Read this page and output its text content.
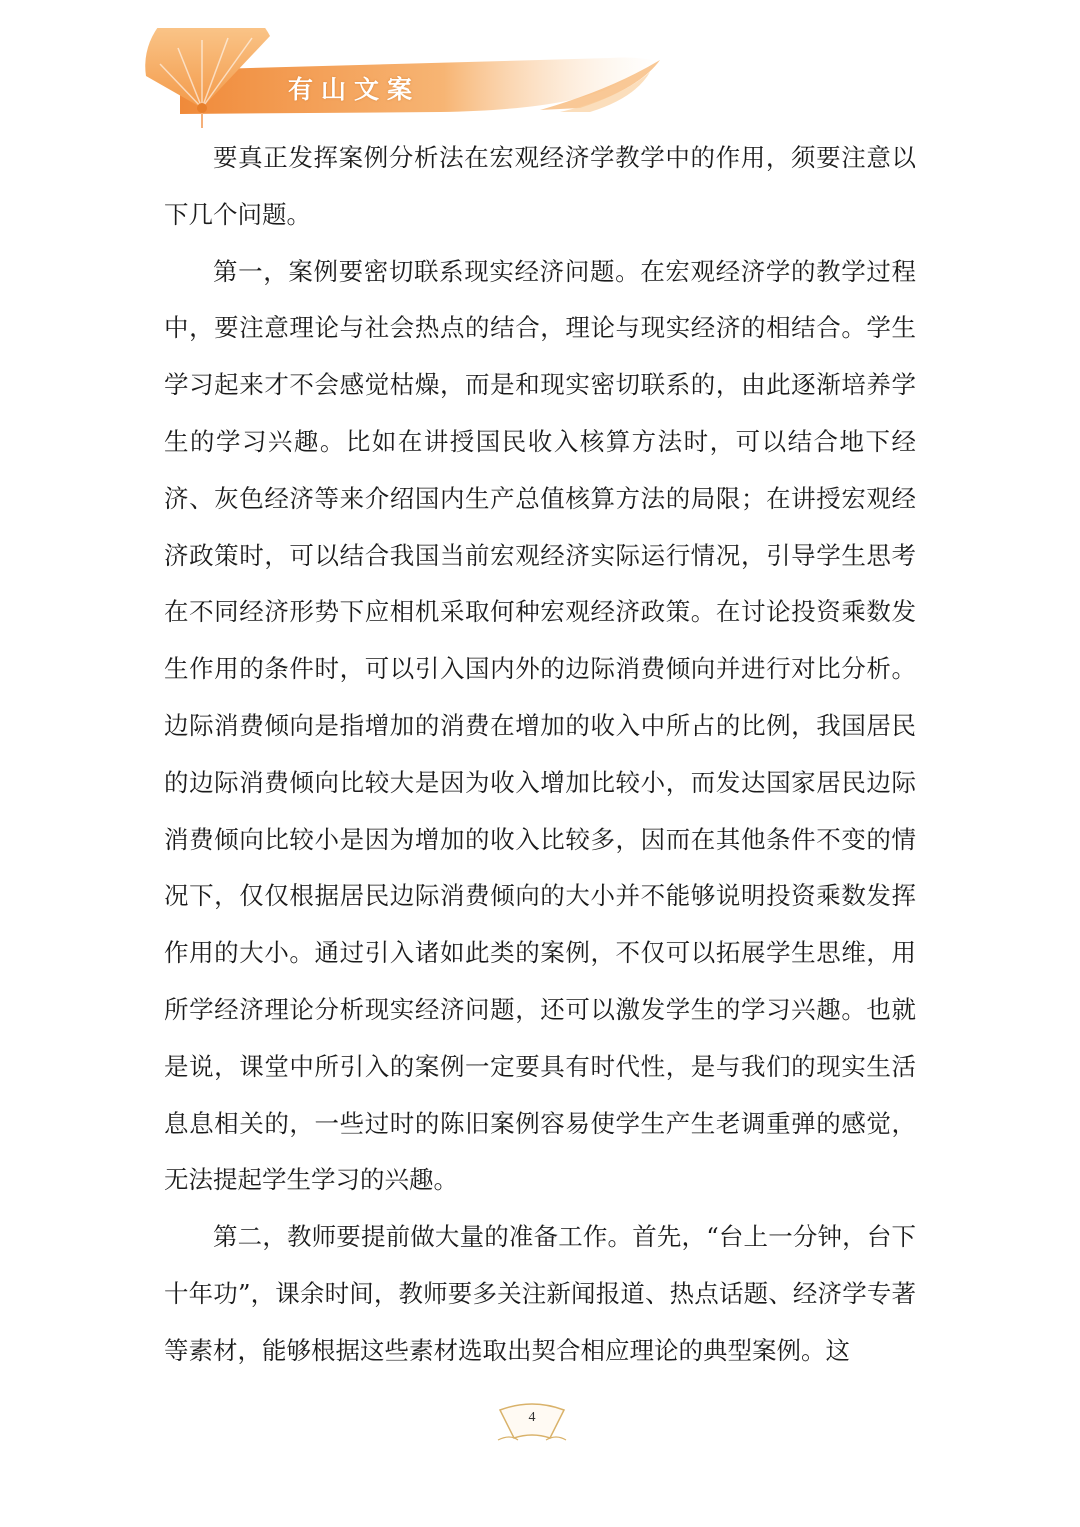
有山文案

要真正发挥案例分析法在宏观经济学教学中的作用，须要注意以下几个问题。

第一，案例要密切联系现实经济问题。在宏观经济学的教学过程中，要注意理论与社会热点的结合，理论与现实经济的相结合。学生学习起来才不会感觉枯燥，而是和现实密切联系的，由此逐渐培养学生的学习兴趣。比如在讲授国民收入核算方法时，可以结合地下经济、灰色经济等来介绍国内生产总值核算方法的局限；在讲授宏观经济政策时，可以结合我国当前宏观经济实际运行情况，引导学生思考在不同经济形势下应相机采取何种宏观经济政策。在讨论投资乘数发生作用的条件时，可以引入国内外的边际消费倾向并进行对比分析。边际消费倾向是指增加的消费在增加的收入中所占的比例，我国居民的边际消费倾向比较大是因为收入增加比较小，而发达国家居民边际消费倾向比较小是因为增加的收入比较多，因而在其他条件不变的情况下，仅仅根据居民边际消费倾向的大小并不能够说明投资乘数发挥作用的大小。通过引入诸如此类的案例，不仅可以拓展学生思维，用所学经济理论分析现实经济问题，还可以激发学生的学习兴趣。也就是说，课堂中所引入的案例一定要具有时代性，是与我们的现实生活息息相关的，一些过时的陈旧案例容易使学生产生老调重弹的感觉，无法提起学生学习的兴趣。

第二，教师要提前做大量的准备工作。首先，“台上一分钟，台下十年功”，课余时间，教师要多关注新闻报道、热点话题、经济学专著等素材，能够根据这些素材选取出契合相应理论的典型案例。这

4
